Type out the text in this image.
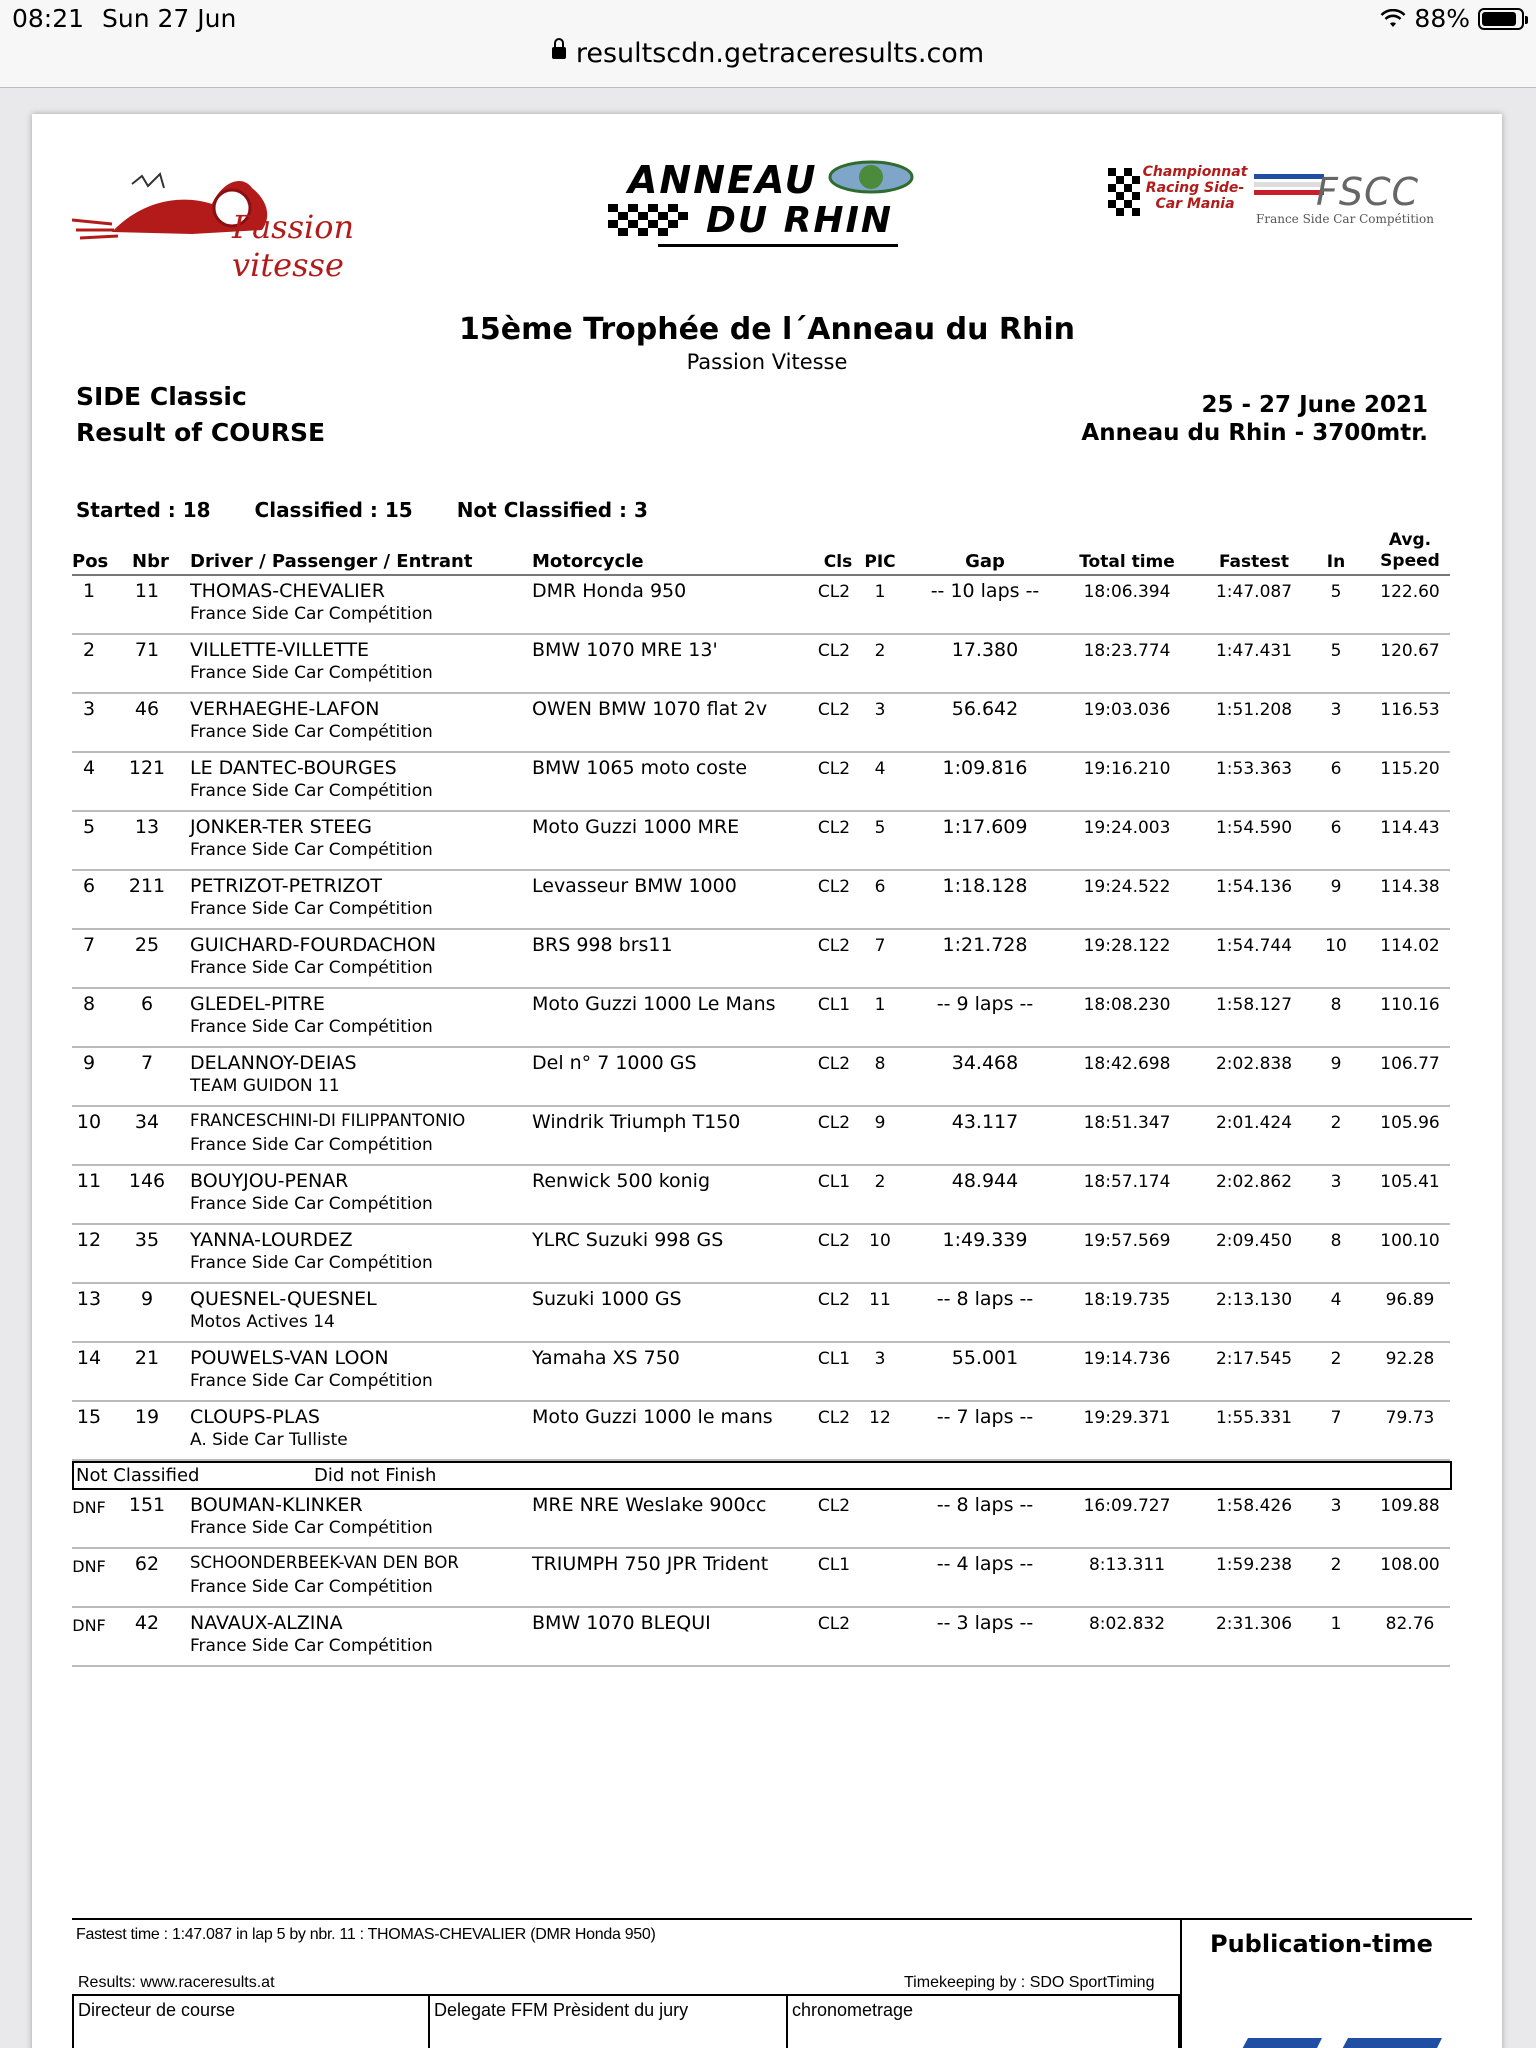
08:21 Sun 27 Jun	88%
resultscdn.getraceresults.com
Passion vitesse
ANNEAU
DU RHIN
Championnat Racing Side-Car Mania	FSCC
France Side Car Compétition
15ème Trophée de l´Anneau du Rhin
Passion Vitesse
SIDE Classic
Result of COURSE
25 - 27 June 2021
Anneau du Rhin - 3700mtr.
Started : 18 Classified : 15 Not Classified : 3
Pos Nbr Driver / Passenger / Entrant	Motorcycle	Cls PIC	Gap	Total time	Fastest	In
Avg.
Speed
1	11	THOMAS-CHEVALIER	DMR Honda 950	CL2	1	-- 10 laps --	18:06.394	1:47.087	5	122.60
France Side Car Compétition
2	71	VILLETTE-VILLETTE	BMW 1070 MRE 13'	CL2	2	17.380	18:23.774	1:47.431	5	120.67
France Side Car Compétition
3	46	VERHAEGHE-LAFON	OWEN BMW 1070 flat 2v	CL2	3	56.642	19:03.036	1:51.208	3	116.53
France Side Car Compétition
4	121 LE DANTEC-BOURGES	BMW 1065 moto coste	CL2	4	1:09.816	19:16.210	1:53.363	6	115.20
France Side Car Compétition
5	13	JONKER-TER STEEG	Moto Guzzi 1000 MRE	CL2	5	1:17.609	19:24.003	1:54.590	6	114.43
France Side Car Compétition
6	211 PETRIZOT-PETRIZOT	Levasseur BMW 1000	CL2	6	1:18.128	19:24.522	1:54.136	9	114.38
France Side Car Compétition
7	25	GUICHARD-FOURDACHON	BRS 998 brs11	CL2	7	1:21.728	19:28.122	1:54.744	10	114.02
France Side Car Compétition
8	6	GLEDEL-PITRE	Moto Guzzi 1000 Le Mans	CL1	1	-- 9 laps --	18:08.230	1:58.127	8	110.16
France Side Car Compétition
9	7	DELANNOY-DEIAS	Del n° 7 1000 GS	CL2	8	34.468	18:42.698	2:02.838	9	106.77
TEAM GUIDON 11
10	34	FRANCESCHINI-DI FILIPPANTONIO	Windrik Triumph T150	CL2	9	43.117	18:51.347	2:01.424	2	105.96
France Side Car Compétition
11 146 BOUYJOU-PENAR	Renwick 500 konig	CL1	2	48.944	18:57.174	2:02.862	3	105.41
France Side Car Compétition
12	35	YANNA-LOURDEZ	YLRC Suzuki 998 GS	CL2	10	1:49.339	19:57.569	2:09.450	8	100.10
France Side Car Compétition
13	9	QUESNEL-QUESNEL	Suzuki 1000 GS	CL2	11	-- 8 laps --	18:19.735	2:13.130	4	96.89
Motos Actives 14
14	21	POUWELS-VAN LOON	Yamaha XS 750	CL1	3	55.001	19:14.736	2:17.545	2	92.28
France Side Car Compétition
15	19	CLOUPS-PLAS	Moto Guzzi 1000 le mans	CL2	12	-- 7 laps --	19:29.371	1:55.331	7	79.73
A. Side Car Tulliste
Not Classified	Did not Finish
DNF 151 BOUMAN-KLINKER	MRE NRE Weslake 900cc	CL2	-- 8 laps --	16:09.727	1:58.426	3	109.88
France Side Car Compétition
DNF	62	SCHOONDERBEEK-VAN DEN BOR	TRIUMPH 750 JPR Trident	CL1	-- 4 laps --	8:13.311	1:59.238	2	108.00
France Side Car Compétition
DNF	42	NAVAUX-ALZINA	BMW 1070 BLEQUI	CL2	-- 3 laps --	8:02.832	2:31.306	1	82.76
France Side Car Compétition
Fastest time : 1:47.087 in lap 5 by nbr. 11 : THOMAS-CHEVALIER (DMR Honda 950)	Publication-time
Results: www.raceresults.at	Timekeeping by : SDO SportTiming
Directeur de course	Delegate FFM Prèsident du jury	chronometrage
